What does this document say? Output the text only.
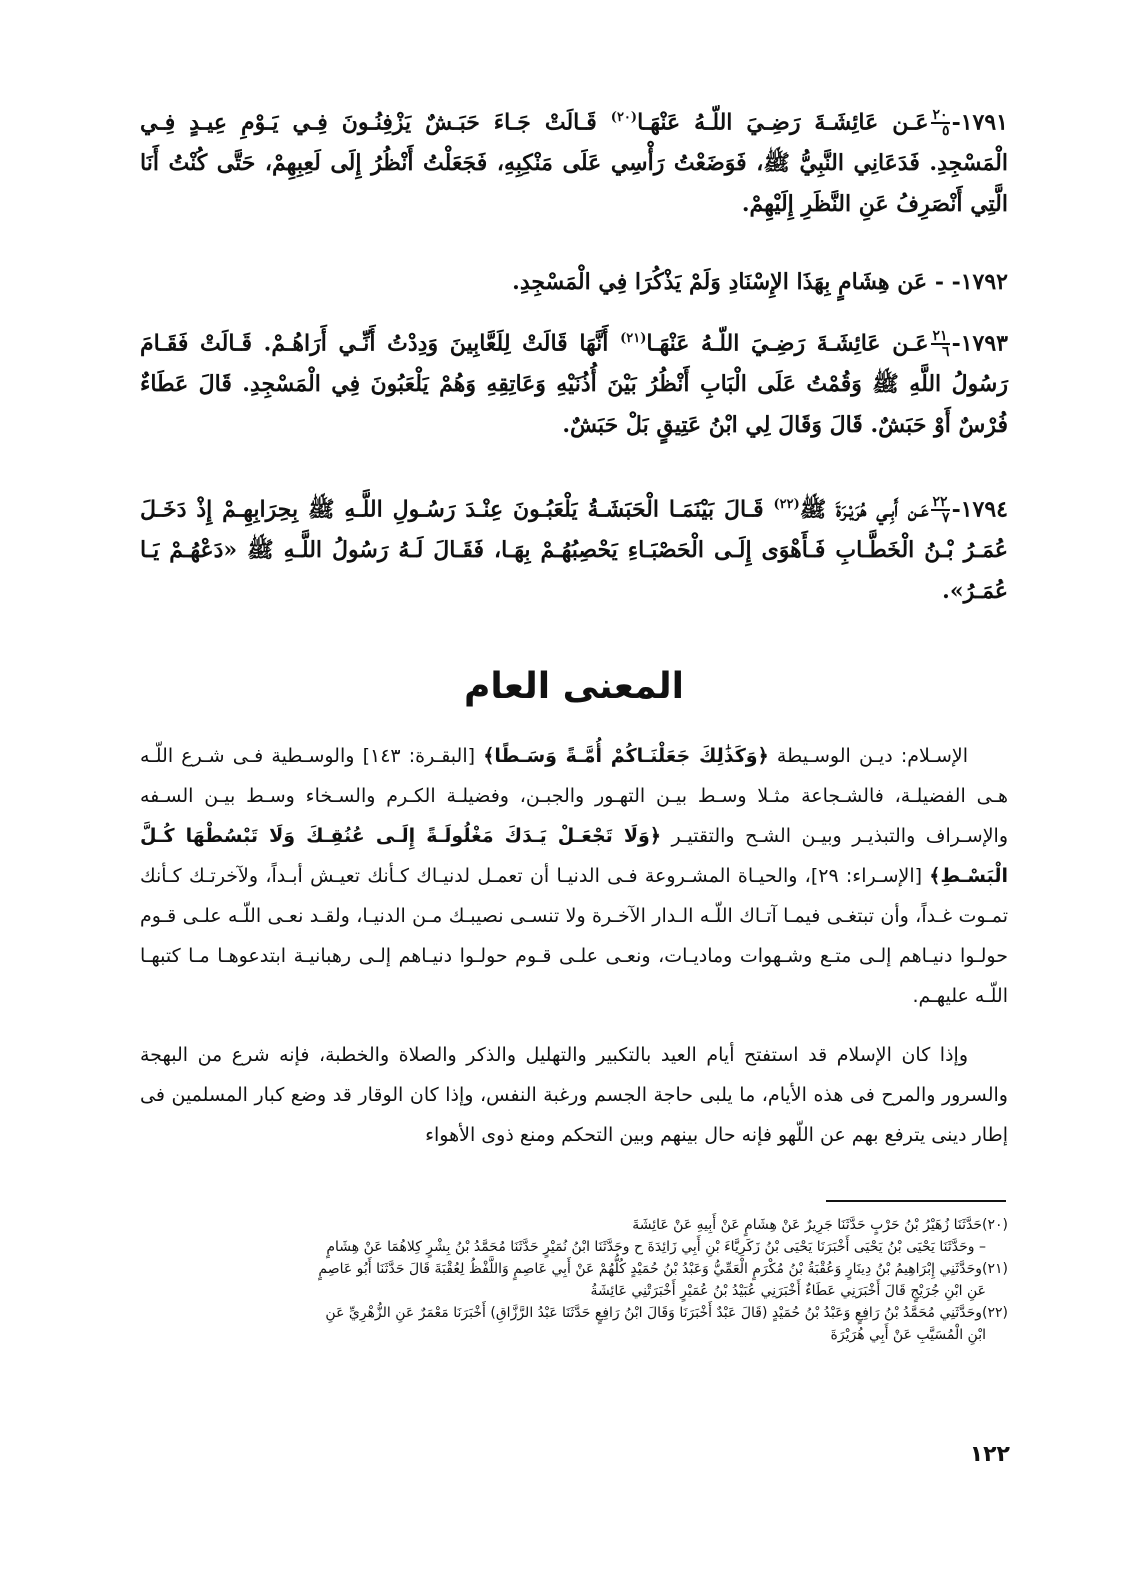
١٧٩١-
$\frac{٢٠}{٥}$
عَـن عَائِشَـةَ رَضِـيَ اللّـهُ عَنْهَـا$^{(٢٠)}$ قَـالَتْ جَـاءَ حَبَـشٌ يَزْفِنُـونَ فِـي يَـوْمِ عِيـدٍ فِـي الْمَسْجِدِ. فَدَعَانِي النَّبِيُّ ﷺ، فَوَضَعْتُ رَأْسِي عَلَى مَنْكِبِهِ، فَجَعَلْتُ أَنْظُرُ إِلَى لَعِبِهِمْ، حَتَّى كُنْتُ أَنَا الَّتِي أَنْصَرِفُ عَنِ النَّظَرِ إِلَيْهِمْ.
١٧٩٢- - عَن هِشَامٍ بِهَذَا الإِسْنَادِ وَلَمْ يَذْكُرَا فِي الْمَسْجِدِ.
١٧٩٣-
$\frac{٢١}{٦}$
عَـن عَائِشَـةَ رَضِـيَ اللّـهُ عَنْهَـا$^{(٢١)}$ أَنَّهَا قَالَتْ لِلَعَّابِينَ وَدِدْتُ أَنِّـي أَرَاهُـمْ. قَـالَتْ فَقَـامَ رَسُولُ اللَّهِ ﷺ وَقُمْتُ عَلَى الْبَابِ أَنْظُرُ بَيْنَ أُذُنَيْهِ وَعَاتِقِهِ وَهُمْ يَلْعَبُونَ فِي الْمَسْجِدِ. قَالَ عَطَاءٌ فُرْسٌ أَوْ حَبَشٌ. قَالَ وَقَالَ لِي ابْنُ عَتِيقٍ بَلْ حَبَشٌ.
١٧٩٤-
$\frac{٢٢}{٧}$
عَـن أَبِـي هُرَيْـرَةَ ﷺ$^{(٢٢)}$ قَـالَ بَيْنَمَـا الْحَبَشَـةُ يَلْعَبُـونَ عِنْـدَ رَسُـولِ اللَّـهِ ﷺ بِحِرَابِهِـمْ إِذْ دَخَـلَ عُمَـرُ بْـنُ الْخَطَّـابِ فَـأَهْوَى إِلَـى الْحَصْبَـاءِ يَحْصِبُهُـمْ بِهَـا، فَقَـالَ لَـهُ رَسُولُ اللَّـهِ ﷺ «دَعْهُـمْ يَـا عُمَـرُ».
المعنى العام
الإسـلام: ديـن الوسـيطة ﴿وَكَذَٰلِكَ جَعَلْنَـاكُمْ أُمَّـةً وَسَـطًا﴾ [البقـرة: ١٤٣] والوسـطية فـى شـرع اللّـه هـى الفضيلـة، فالشـجاعة مثـلا وسـط بيـن التهـور والجبـن، وفضيلـة الكـرم والسـخاء وسـط بيـن السـفه والإسـراف والتبذيـر وبيـن الشـح والتقتيـر ﴿وَلَا تَجْعَـلْ يَـدَكَ مَغْلُولَـةً إِلَـى عُنُقِـكَ وَلَا تَبْسُطْهَا كُـلَّ الْبَسْـطِ﴾ [الإسـراء: ٢٩]، والحيـاة المشـروعة فـى الدنيـا أن تعمـل لدنيـاك كـأنك تعيـش أبـداً، ولآخرتـك كـأنك تمـوت غـداً، وأن تبتغـى فيمـا آتـاك اللّـه الـدار الآخـرة ولا تنسـى نصيبـك مـن الدنيـا، ولقـد نعـى اللّـه علـى قـوم حولـوا دنيـاهم إلـى متـع وشـهوات وماديـات، ونعـى علـى قـوم حولـوا دنيـاهم إلـى رهبانيـة ابتدعوهـا مـا كتبهـا اللّـه عليهـم.
وإذا كان الإسلام قد استفتح أيام العيد بالتكبير والتهليل والذكر والصلاة والخطبة، فإنه شرع من البهجة والسرور والمرح فى هذه الأيام، ما يلبى حاجة الجسم ورغبة النفس، وإذا كان الوقار قد وضع كبار المسلمين فى إطار دينى يترفع بهم عن اللّهو فإنه حال بينهم وبين التحكم ومنع ذوى الأهواء
(٢٠)حَدَّثَنَا زُهَيْرُ بْنُ حَرْبٍ حَدَّثَنَا جَرِيرٌ عَنْ هِشَامٍ عَنْ أَبِيهِ عَنْ عَائِشَةَ
– وحَدَّثَنَا يَحْيَى بْنُ يَحْيَى أَخْبَرَنَا يَحْيَى بْنُ زَكَرِيَّاءَ بْنِ أَبِي زَائِدَةَ ح وحَدَّثَنَا ابْنُ نُمَيْرٍ حَدَّثَنَا مُحَمَّدُ بْنُ بِشْرٍ كِلاهُمَا عَنْ هِشَامٍ
(٢١)وحَدَّثَنِي إِبْرَاهِيمُ بْنُ دِينَارٍ وَعُقْبَةُ بْنُ مُكْرَمٍ الْعَمِّيُّ وَعَبْدُ بْنُ حُمَيْدٍ كُلُّهُمْ عَنْ أَبِي عَاصِمٍ وَاللَّفْظُ لِعُقْبَةَ قَالَ حَدَّثَنَا أَبُو عَاصِمٍ
عَنِ ابْنِ جُرَيْجٍ قَالَ أَخْبَرَنِي عَطَاءٌ أَخْبَرَنِي عُبَيْدُ بْنُ عُمَيْرٍ أَخْبَرَتْنِي عَائِشَةُ
(٢٢)وحَدَّثَنِي مُحَمَّدُ بْنُ رَافِعٍ وَعَبْدُ بْنُ حُمَيْدٍ (قَالَ عَبْدٌ أَخْبَرَنَا وَقَالَ ابْنُ رَافِعٍ حَدَّثَنَا عَبْدُ الرَّزَّاقِ) أَخْبَرَنَا مَعْمَرٌ عَنِ الزُّهْرِيِّ عَنِ
ابْنِ الْمُسَيَّبِ عَنْ أَبِي هُرَيْرَةَ
١٢٢
